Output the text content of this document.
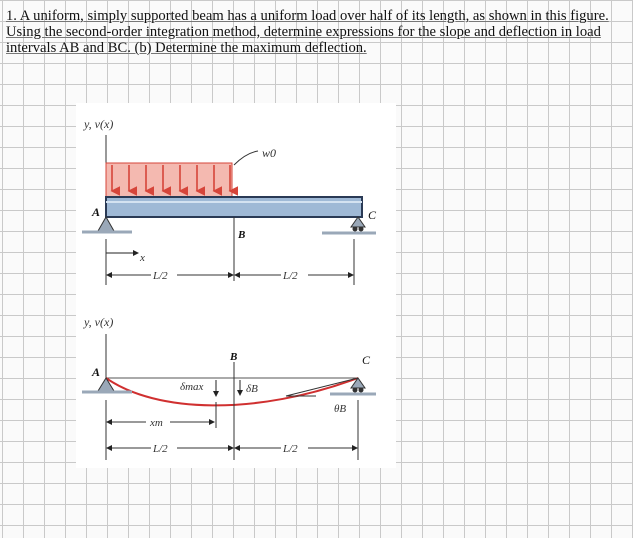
1. A uniform, simply supported beam has a uniform load over half of its length, as shown in this figure. Using the second-order integration method, determine expressions for the slope and deflection in load intervals AB and BC. (b) Determine the maximum deflection.
y, v(x)
w0
A	C
B
x
L/2	L/2
y, v(x)
A
C
B
δmax	δB
θB
xm
L/2	L/2
